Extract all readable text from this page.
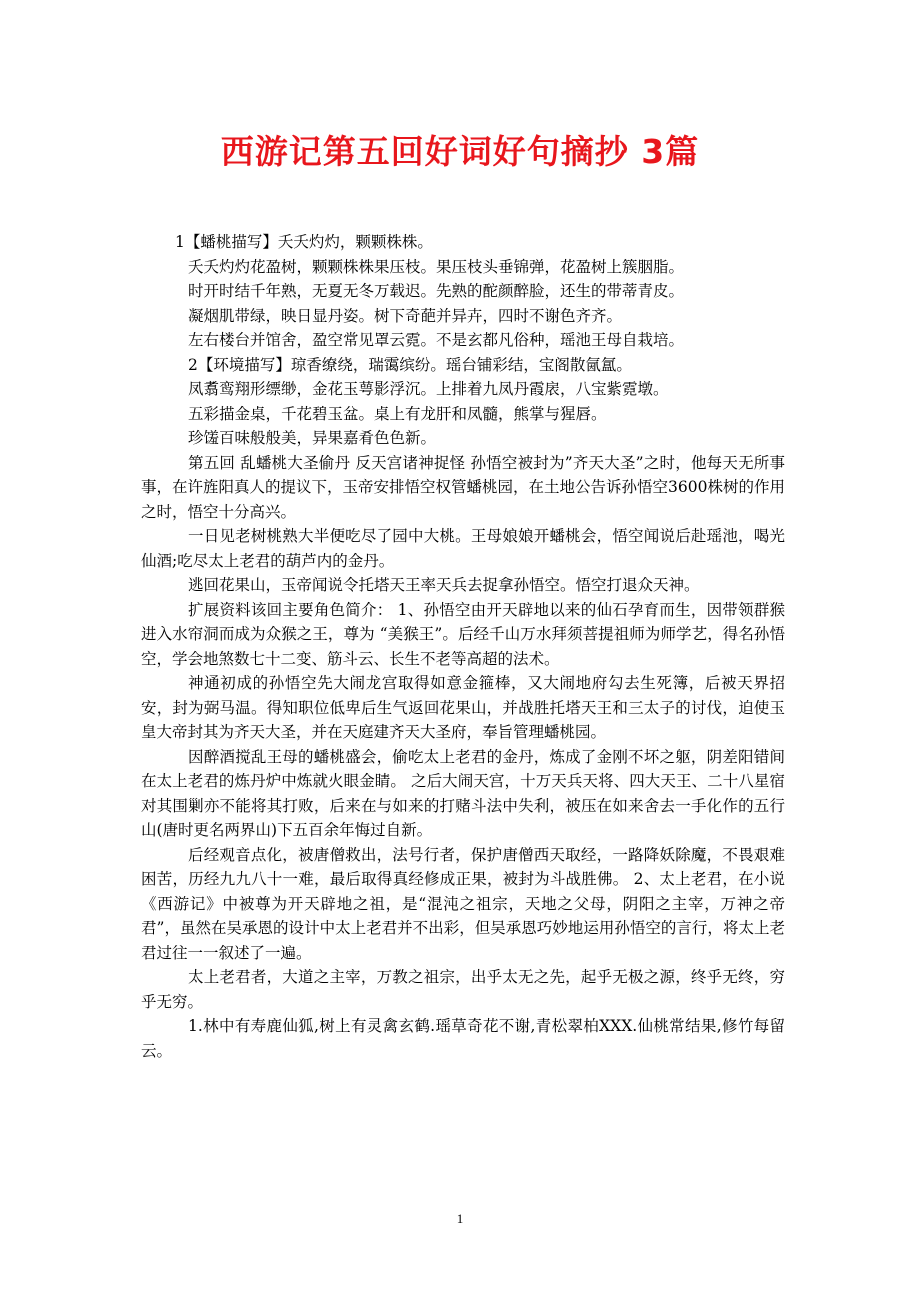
西游记第五回好词好句摘抄 3篇

1【蟠桃描写】夭夭灼灼，颗颗株株。

夭夭灼灼花盈树，颗颗株株果压枝。果压枝头垂锦弹，花盈树上簇胭脂。

时开时结千年熟，无夏无冬万载迟。先熟的酡颜醉脸，还生的带蒂青皮。

凝烟肌带绿，映日显丹姿。树下奇葩并异卉，四时不谢色齐齐。

左右楼台并馆舍，盈空常见罩云霓。不是玄都凡俗种，瑶池王母自栽培。

2【环境描写】琼香缭绕，瑞霭缤纷。瑶台铺彩结，宝阁散氤氲。

凤翥鸾翔形缥缈，金花玉萼影浮沉。上排着九凤丹霞扆，八宝紫霓墩。

五彩描金桌，千花碧玉盆。桌上有龙肝和凤髓，熊掌与猩唇。

珍馐百味般般美，异果嘉肴色色新。

第五回 乱蟠桃大圣偷丹 反天宫诸神捉怪 孙悟空被封为”齐天大圣”之时，他每天无所事事，在许旌阳真人的提议下，玉帝安排悟空权管蟠桃园，在土地公告诉孙悟空3600株树的作用之时，悟空十分高兴。

一日见老树桃熟大半便吃尽了园中大桃。王母娘娘开蟠桃会，悟空闻说后赴瑶池，喝光仙酒;吃尽太上老君的葫芦内的金丹。

逃回花果山，玉帝闻说令托塔天王率天兵去捉拿孙悟空。悟空打退众天神。

扩展资料该回主要角色简介： 1、孙悟空由开天辟地以来的仙石孕育而生，因带领群猴进入水帘洞而成为众猴之王，尊为 “美猴王”。后经千山万水拜须菩提祖师为师学艺，得名孙悟空，学会地煞数七十二变、筋斗云、长生不老等高超的法术。

神通初成的孙悟空先大闹龙宫取得如意金箍棒，又大闹地府勾去生死簿，后被天界招安，封为弼马温。得知职位低卑后生气返回花果山，并战胜托塔天王和三太子的讨伐，迫使玉皇大帝封其为齐天大圣，并在天庭建齐天大圣府，奉旨管理蟠桃园。

因醉酒搅乱王母的蟠桃盛会，偷吃太上老君的金丹，炼成了金刚不坏之躯，阴差阳错间在太上老君的炼丹炉中炼就火眼金睛。 之后大闹天宫，十万天兵天将、四大天王、二十八星宿对其围剿亦不能将其打败，后来在与如来的打赌斗法中失利，被压在如来舍去一手化作的五行山(唐时更名两界山)下五百余年悔过自新。

后经观音点化，被唐僧救出，法号行者，保护唐僧西天取经，一路降妖除魔，不畏艰难困苦，历经九九八十一难，最后取得真经修成正果，被封为斗战胜佛。 2、太上老君，在小说《西游记》中被尊为开天辟地之祖，是“混沌之祖宗，天地之父母，阴阳之主宰，万神之帝君”，虽然在吴承恩的设计中太上老君并不出彩，但吴承恩巧妙地运用孙悟空的言行，将太上老君过往一一叙述了一遍。

太上老君者，大道之主宰，万教之祖宗，出乎太无之先，起乎无极之源，终乎无终，穷乎无穷。

1.林中有寿鹿仙狐,树上有灵禽玄鹤.瑶草奇花不谢,青松翠柏XXX.仙桃常结果,修竹每留云。

1
